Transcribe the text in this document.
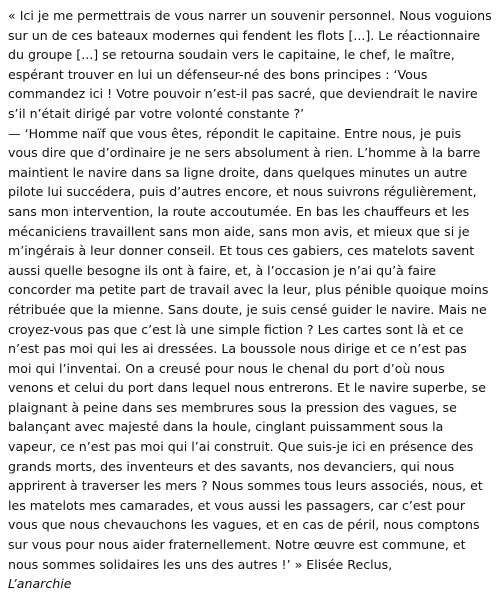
« Ici je me permettrais de vous narrer un souvenir personnel. Nous voguions sur un de ces bateaux modernes qui fendent les flots [...]. Le réactionnaire du groupe [...] se retourna soudain vers le capitaine, le chef, le maître, espérant trouver en lui un défenseur-né des bons principes : ‘Vous commandez ici ! Votre pouvoir n’est-il pas sacré, que deviendrait le navire s’il n’était dirigé par votre volonté constante ?’

— ‘Homme naïf que vous êtes, répondit le capitaine. Entre nous, je puis vous dire que d’ordinaire je ne sers absolument à rien. L’homme à la barre maintient le navire dans sa ligne droite, dans quelques minutes un autre pilote lui succédera, puis d’autres encore, et nous suivrons régulièrement, sans mon intervention, la route accoutumée. En bas les chauffeurs et les mécaniciens travaillent sans mon aide, sans mon avis, et mieux que si je m’ingérais à leur donner conseil. Et tous ces gabiers, ces matelots savent aussi quelle besogne ils ont à faire, et, à l’occasion je n’ai qu’à faire concorder ma petite part de travail avec la leur, plus pénible quoique moins rétribuée que la mienne. Sans doute, je suis censé guider le navire. Mais ne croyez-vous pas que c’est là une simple fiction ? Les cartes sont là et ce n’est pas moi qui les ai dressées. La boussole nous dirige et ce n’est pas moi qui l’inventai. On a creusé pour nous le chenal du port d’où nous venons et celui du port dans lequel nous entrerons. Et le navire superbe, se plaignant à peine dans ses membrures sous la pression des vagues, se balançant avec majesté dans la houle, cinglant puissamment sous la vapeur, ce n’est pas moi qui l’ai construit. Que suis-je ici en présence des grands morts, des inventeurs et des savants, nos devanciers, qui nous apprirent à traverser les mers ? Nous sommes tous leurs associés, nous, et les matelots mes camarades, et vous aussi les passagers, car c’est pour vous que nous chevauchons les vagues, et en cas de péril, nous comptons sur vous pour nous aider fraternellement. Notre œuvre est commune, et nous sommes solidaires les uns des autres !’ » Elisée Reclus,
L’anarchie
